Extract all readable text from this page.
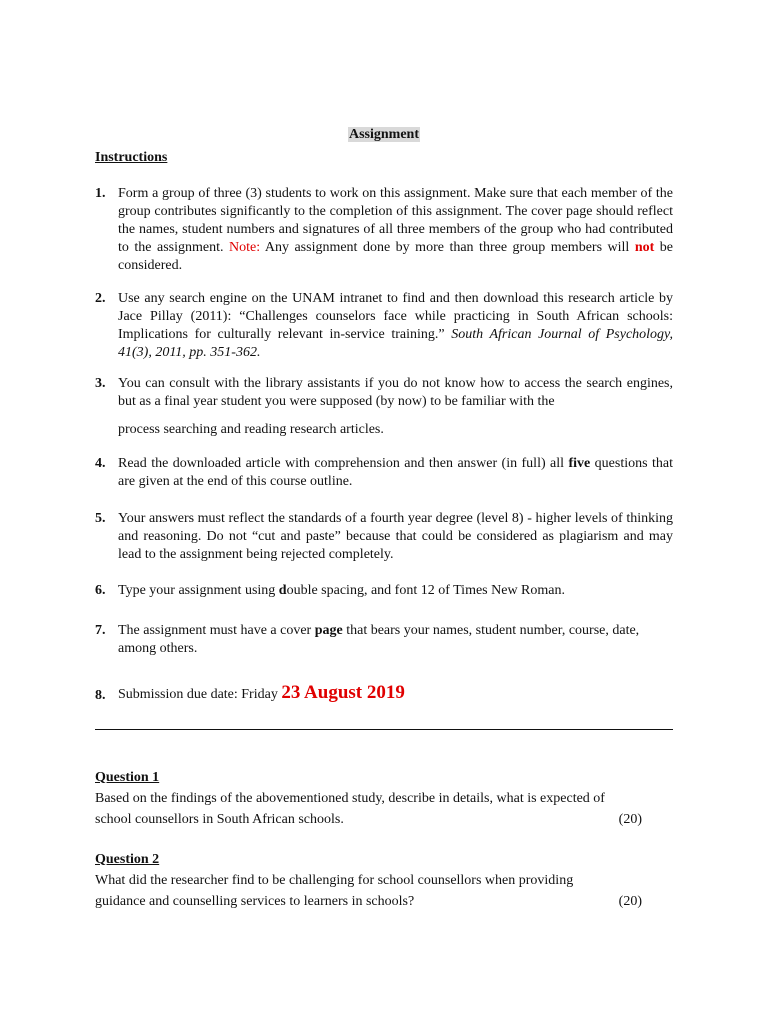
Assignment
Instructions
1. Form a group of three (3) students to work on this assignment. Make sure that each member of the group contributes significantly to the completion of this assignment. The cover page should reflect the names, student numbers and signatures of all three members of the group who had contributed to the assignment. Note: Any assignment done by more than three group members will not be considered.
2. Use any search engine on the UNAM intranet to find and then download this research article by Jace Pillay (2011): “Challenges counselors face while practicing in South African schools: Implications for culturally relevant in-service training.” South African Journal of Psychology, 41(3), 2011, pp. 351-362.
3. You can consult with the library assistants if you do not know how to access the search engines, but as a final year student you were supposed (by now) to be familiar with the
process searching and reading research articles.
4. Read the downloaded article with comprehension and then answer (in full) all five questions that are given at the end of this course outline.
5. Your answers must reflect the standards of a fourth year degree (level 8) - higher levels of thinking and reasoning. Do not “cut and paste” because that could be considered as plagiarism and may lead to the assignment being rejected completely.
6. Type your assignment using double spacing, and font 12 of Times New Roman.
7. The assignment must have a cover page that bears your names, student number, course, date, among others.
8. Submission due date: Friday 23 August 2019
Question 1
Based on the findings of the abovementioned study, describe in details, what is expected of
school counsellors in South African schools.	(20)
Question 2
What did the researcher find to be challenging for school counsellors when providing
guidance and counselling services to learners in schools?	(20)
